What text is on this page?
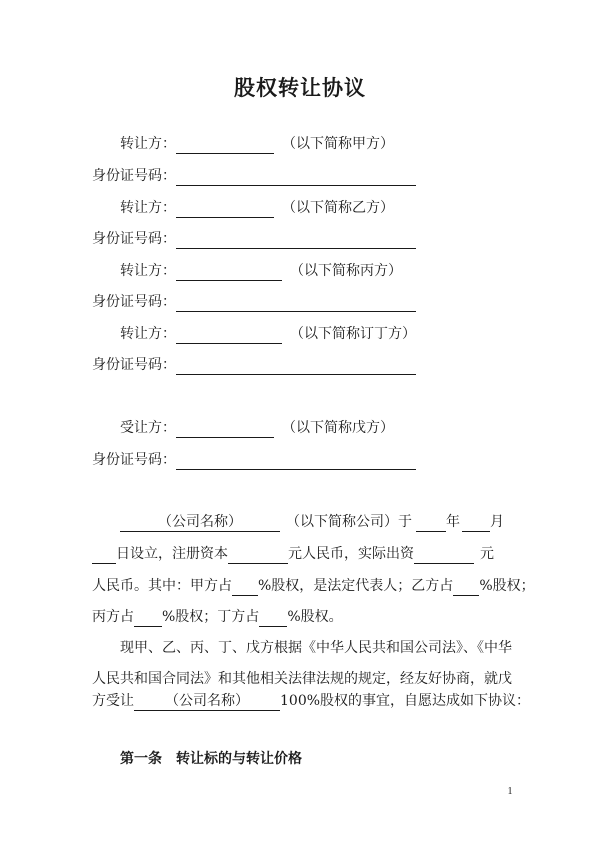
股权转让协议
转让方：	（以下简称甲方）
身份证号码：
转让方：	（以下简称乙方）
身份证号码：
转让方：	（以下简称丙方）
身份证号码：
转让方：	（以下简称订丁方）
身份证号码：
受让方：	（以下简称戊方）
身份证号码：
（公司名称）	（以下简称公司）于 年 月
日设立，注册资本	元人民币，实际出资	元
人民币。其中：甲方占 %股权，是法定代表人；乙方占 %股权；
丙方占 %股权；丁方占 %股权。
现甲、乙、丙、丁、戊方根据《中华人民共和国公司法》、《中华
人民共和国合同法》和其他相关法律法规的规定，经友好协商，就戊
方受让 （公司名称） 100%股权的事宜，自愿达成如下协议：
第一条 转让标的与转让价格
1
